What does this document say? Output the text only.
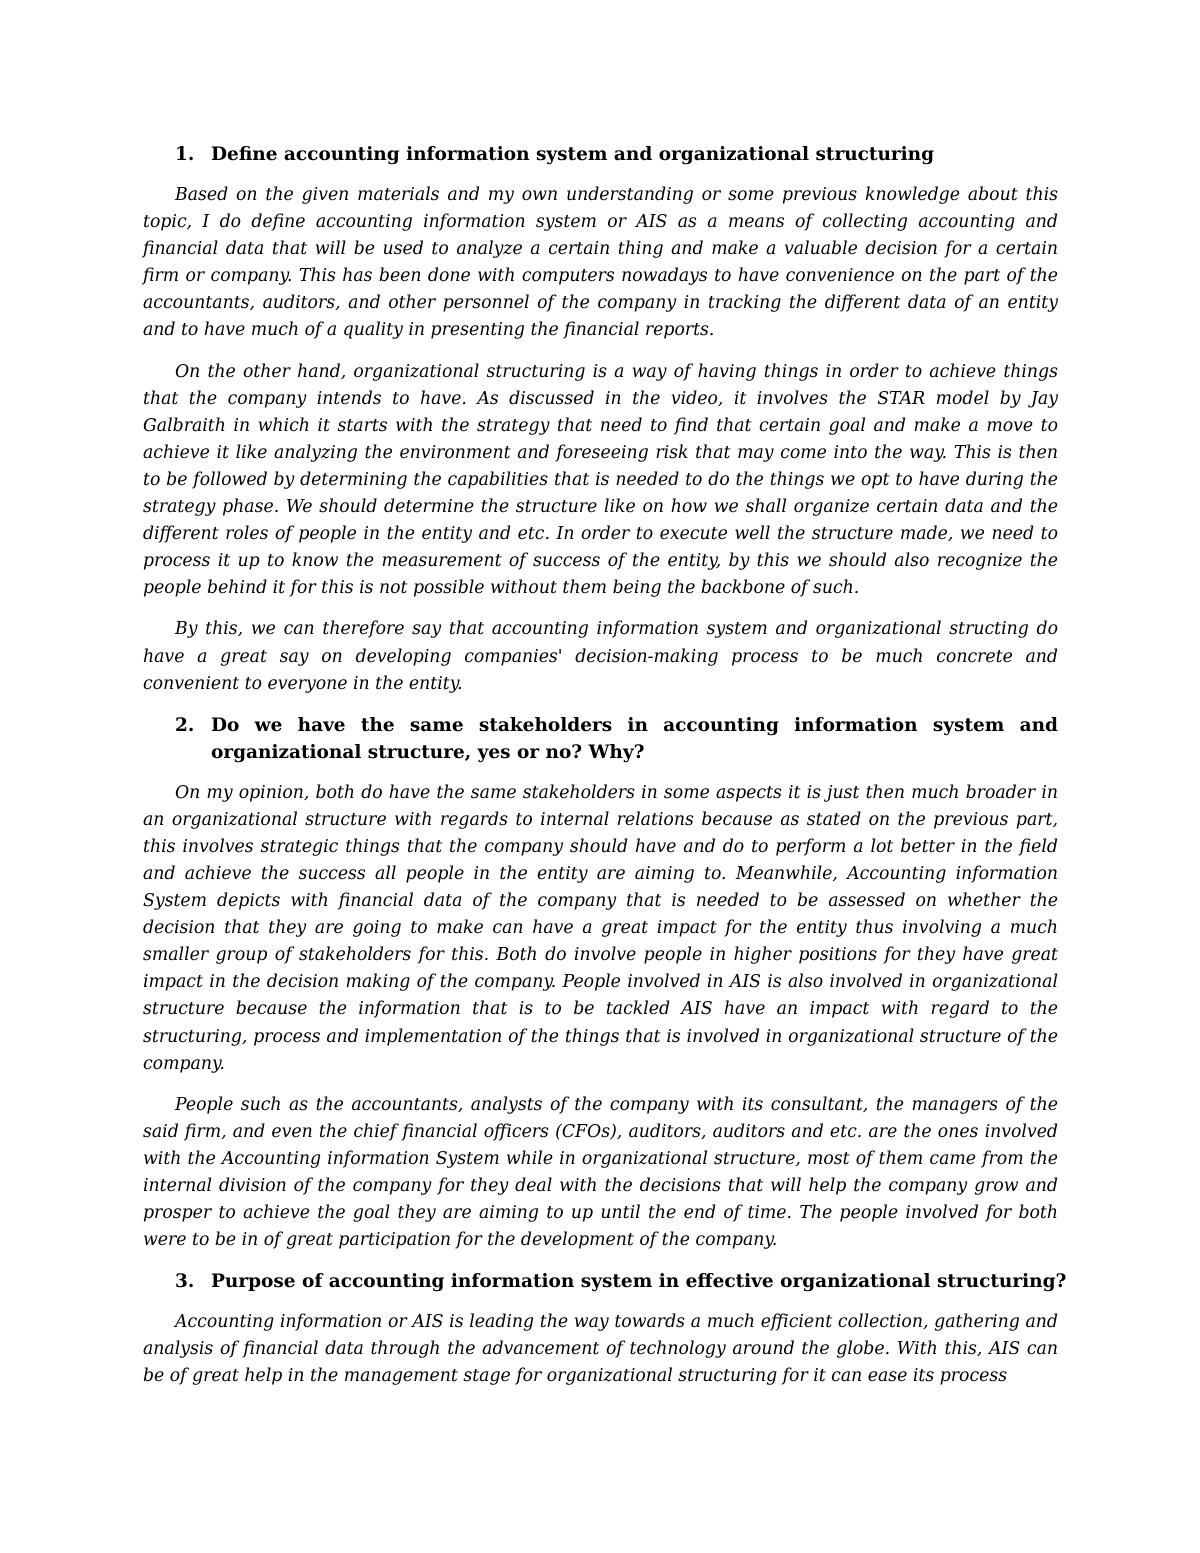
1. Define accounting information system and organizational structuring

Based on the given materials and my own understanding or some previous knowledge about this topic, I do define accounting information system or AIS as a means of collecting accounting and financial data that will be used to analyze a certain thing and make a valuable decision for a certain firm or company. This has been done with computers nowadays to have convenience on the part of the accountants, auditors, and other personnel of the company in tracking the different data of an entity and to have much of a quality in presenting the financial reports.

On the other hand, organizational structuring is a way of having things in order to achieve things that the company intends to have. As discussed in the video, it involves the STAR model by Jay Galbraith in which it starts with the strategy that need to find that certain goal and make a move to achieve it like analyzing the environment and foreseeing risk that may come into the way. This is then to be followed by determining the capabilities that is needed to do the things we opt to have during the strategy phase. We should determine the structure like on how we shall organize certain data and the different roles of people in the entity and etc. In order to execute well the structure made, we need to process it up to know the measurement of success of the entity, by this we should also recognize the people behind it for this is not possible without them being the backbone of such.

By this, we can therefore say that accounting information system and organizational structing do have a great say on developing companies' decision-making process to be much concrete and convenient to everyone in the entity.

2. Do we have the same stakeholders in accounting information system and organizational structure, yes or no? Why?

On my opinion, both do have the same stakeholders in some aspects it is just then much broader in an organizational structure with regards to internal relations because as stated on the previous part, this involves strategic things that the company should have and do to perform a lot better in the field and achieve the success all people in the entity are aiming to. Meanwhile, Accounting information System depicts with financial data of the company that is needed to be assessed on whether the decision that they are going to make can have a great impact for the entity thus involving a much smaller group of stakeholders for this. Both do involve people in higher positions for they have great impact in the decision making of the company. People involved in AIS is also involved in organizational structure because the information that is to be tackled AIS have an impact with regard to the structuring, process and implementation of the things that is involved in organizational structure of the company.

People such as the accountants, analysts of the company with its consultant, the managers of the said firm, and even the chief financial officers (CFOs), auditors, auditors and etc. are the ones involved with the Accounting information System while in organizational structure, most of them came from the internal division of the company for they deal with the decisions that will help the company grow and prosper to achieve the goal they are aiming to up until the end of time. The people involved for both were to be in of great participation for the development of the company.

3. Purpose of accounting information system in effective organizational structuring?

Accounting information or AIS is leading the way towards a much efficient collection, gathering and analysis of financial data through the advancement of technology around the globe. With this, AIS can be of great help in the management stage for organizational structuring for it can ease its process
